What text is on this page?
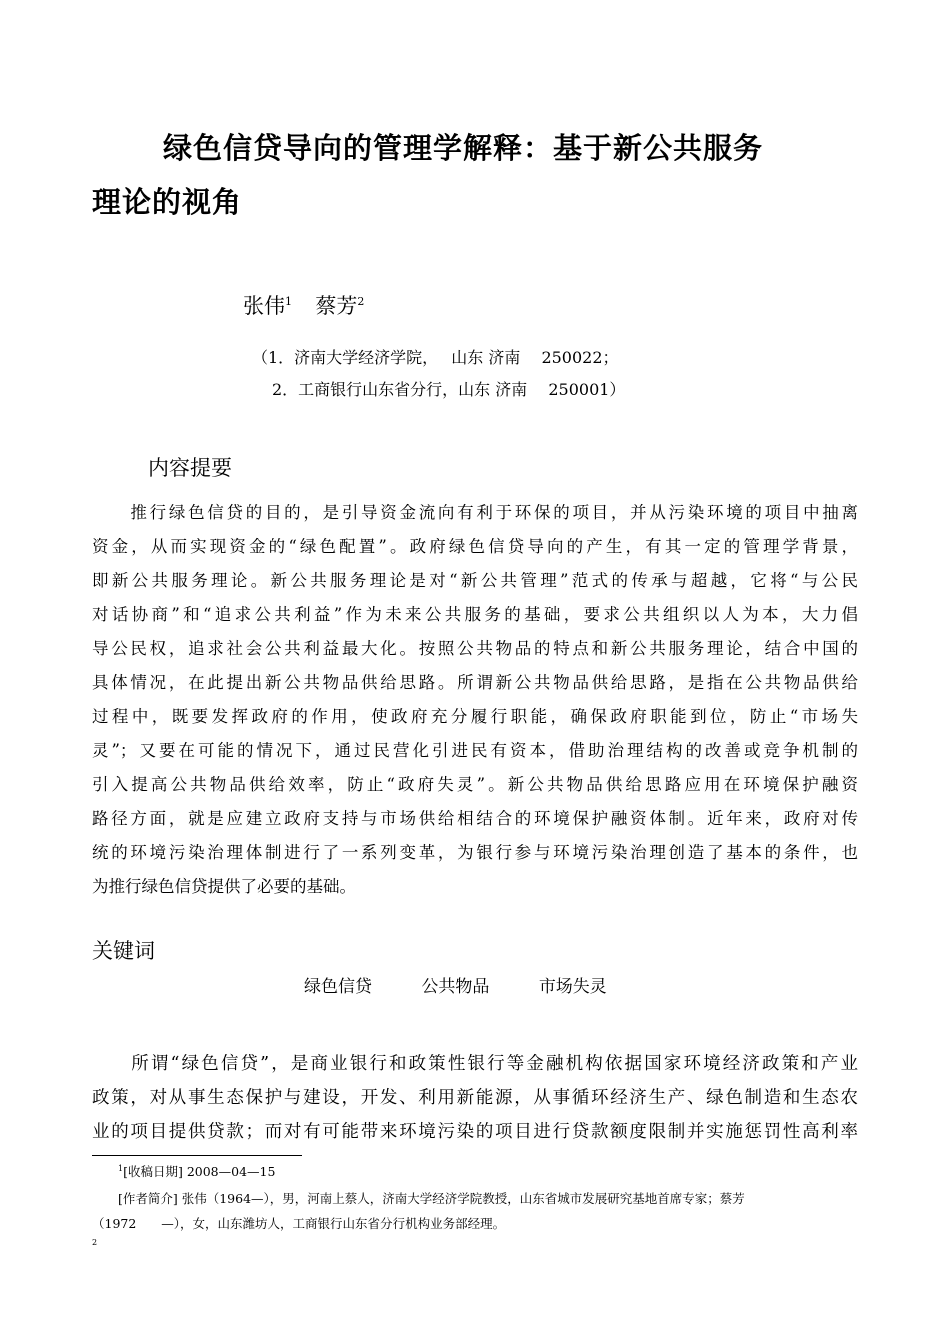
绿色信贷导向的管理学解释：基于新公共服务
理论的视角
张伟$^1$ 蔡芳$^2$
（1．济南大学经济学院，　 山东 济南　 250022；
2．工商银行山东省分行，山东 济南　 250001）
内容提要
　　推行绿色信贷的目的，是引导资金流向有利于环保的项目，并从污染环境的项目中抽离
资金，从而实现资金的“绿色配置”。政府绿色信贷导向的产生，有其一定的管理学背景，
即新公共服务理论。新公共服务理论是对“新公共管理”范式的传承与超越，它将“与公民
对话协商”和“追求公共利益”作为未来公共服务的基础，要求公共组织以人为本，大力倡
导公民权，追求社会公共利益最大化。按照公共物品的特点和新公共服务理论，结合中国的
具体情况，在此提出新公共物品供给思路。所谓新公共物品供给思路，是指在公共物品供给
过程中，既要发挥政府的作用，使政府充分履行职能，确保政府职能到位，防止“市场失
灵”；又要在可能的情况下，通过民营化引进民有资本，借助治理结构的改善或竞争机制的
引入提高公共物品供给效率，防止“政府失灵”。新公共物品供给思路应用在环境保护融资
路径方面，就是应建立政府支持与市场供给相结合的环境保护融资体制。近年来，政府对传
统的环境污染治理体制进行了一系列变革，为银行参与环境污染治理创造了基本的条件，也
为推行绿色信贷提供了必要的基础。
关键词
绿色信贷	公共物品	市场失灵
　　所谓“绿色信贷”，是商业银行和政策性银行等金融机构依据国家环境经济政策和产业
政策，对从事生态保护与建设，开发、利用新能源，从事循环经济生产、绿色制造和生态农
业的项目提供贷款；而对有可能带来环境污染的项目进行贷款额度限制并实施惩罚性高利率
$^1$[收稿日期] 2008—04—15
[作者简介] 张伟（1964—），男，河南上蔡人，济南大学经济学院教授，山东省城市发展研究基地首席专家；蔡芳
（1972　　—），女，山东潍坊人，工商银行山东省分行机构业务部经理。
2
